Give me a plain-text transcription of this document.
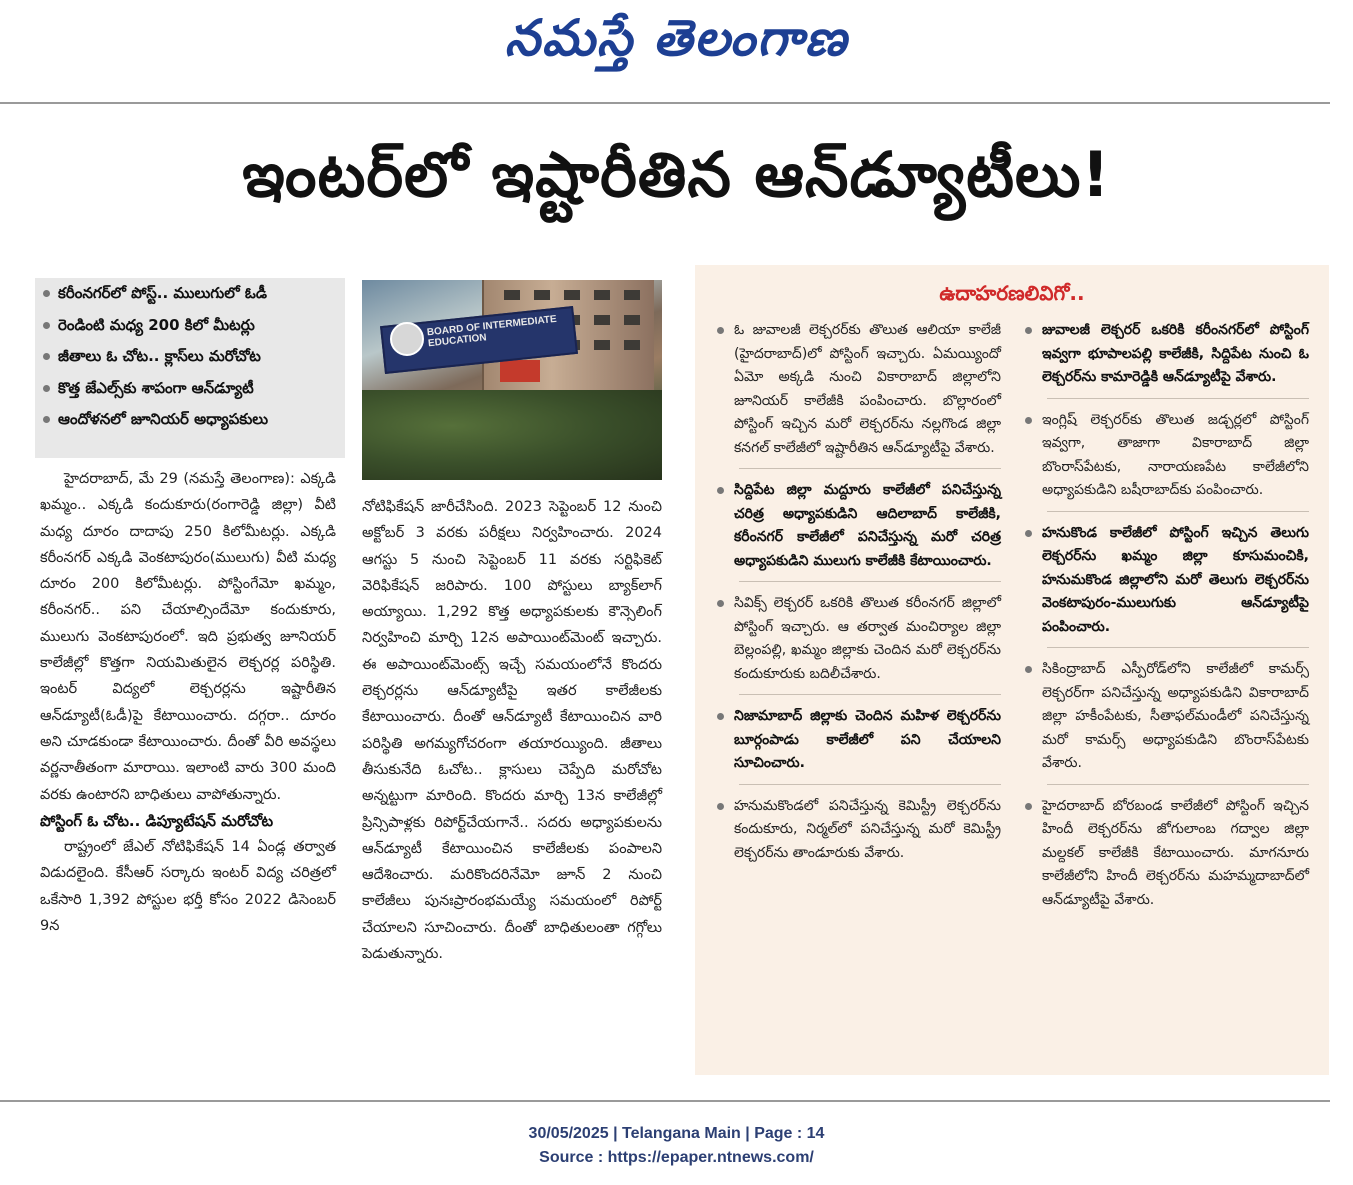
నమస్తే తెలంగాణ
ఇంటర్‌లో ఇష్టారీతిన ఆన్‌డ్యూటీలు!
కరీంనగర్‌లో పోస్ట్.. ములుగులో ఓడీ
రెండింటి మధ్య 200 కిలో మీటర్లు
జీతాలు ఓ చోట.. క్లాస్‌లు మరోచోట
కొత్త జేఎల్స్‌కు శాపంగా ఆన్‌డ్యూటీ
ఆందోళనలో జూనియర్ అధ్యాపకులు
BOARD OF INTERMEDIATE EDUCATION

హైదరాబాద్, మే 29 (నమస్తే తెలంగాణ): ఎక్కడి ఖమ్మం.. ఎక్కడి కందుకూరు(రంగారెడ్డి జిల్లా) వీటి మధ్య దూరం దాదాపు 250 కిలోమీటర్లు. ఎక్కడి కరీంనగర్ ఎక్కడి వెంకటాపురం(ములుగు) వీటి మధ్య దూరం 200 కిలోమీటర్లు. పోస్టింగేమో ఖమ్మం, కరీంనగర్.. పని చేయాల్సిందేమో కందుకూరు, ములుగు వెంకటాపురంలో. ఇది ప్రభుత్వ జూనియర్ కాలేజీల్లో కొత్తగా నియమితులైన లెక్చరర్ల పరిస్థితి. ఇంటర్ విద్యలో లెక్చరర్లను ఇష్టారీతిన ఆన్‌డ్యూటీ(ఓడీ)పై కేటాయించారు. దగ్గరా.. దూరం అని చూడకుండా కేటాయించారు. దీంతో వీరి అవస్థలు వర్ణనాతీతంగా మారాయి. ఇలాంటి వారు 300 మంది వరకు ఉంటారని బాధితులు వాపోతున్నారు.

పోస్టింగ్ ఓ చోట.. డిప్యూటేషన్ మరోచోట

రాష్ట్రంలో జేఎల్ నోటిఫికేషన్ 14 ఏండ్ల తర్వాత విడుదలైంది. కేసీఆర్ సర్కారు ఇంటర్ విద్య చరిత్రలో ఒకేసారి 1,392 పోస్టుల భర్తీ కోసం 2022 డిసెంబర్ 9న

నోటిఫికేషన్ జారీచేసింది. 2023 సెప్టెంబర్ 12 నుంచి అక్టోబర్ 3 వరకు పరీక్షలు నిర్వహించారు. 2024 ఆగస్టు 5 నుంచి సెప్టెంబర్ 11 వరకు సర్టిఫికెట్ వెరిఫికేషన్ జరిపారు. 100 పోస్టులు బ్యాక్‌లాగ్ అయ్యాయి. 1,292 కొత్త అధ్యాపకులకు కౌన్సెలింగ్ నిర్వహించి మార్చి 12న అపాయింట్‌మెంట్ ఇచ్చారు. ఈ అపాయింట్‌మెంట్స్ ఇచ్చే సమయంలోనే కొందరు లెక్చరర్లను ఆన్‌డ్యూటీపై ఇతర కాలేజీలకు కేటాయించారు. దీంతో ఆన్‌డ్యూటీ కేటాయించిన వారి పరిస్థితి అగమ్యగోచరంగా తయారయ్యింది. జీతాలు తీసుకునేది ఓచోట.. క్లాసులు చెప్పేది మరోచోట అన్నట్టుగా మారింది. కొందరు మార్చి 13న కాలేజీల్లో ప్రిన్సిపాళ్లకు రిపోర్ట్‌చేయగానే.. సదరు అధ్యాపకులను ఆన్‌డ్యూటీ కేటాయించిన కాలేజీలకు పంపాలని ఆదేశించారు. మరికొందరినేమో జూన్ 2 నుంచి కాలేజీలు పునఃప్రారంభమయ్యే సమయంలో రిపోర్ట్ చేయాలని సూచించారు. దీంతో బాధితులంతా గగ్గోలు పెడుతున్నారు.

ఉదాహరణలివిగో..
ఓ జువాలజీ లెక్చరర్‌కు తొలుత ఆలియా కాలేజీ (హైదరాబాద్)లో పోస్టింగ్ ఇచ్చారు. ఏమయ్యిందో ఏమో అక్కడి నుంచి వికారాబాద్ జిల్లాలోని జూనియర్ కాలేజీకి పంపించారు. బొల్లారంలో పోస్టింగ్ ఇచ్చిన మరో లెక్చరర్‌ను నల్లగొండ జిల్లా కనగల్ కాలేజీలో ఇష్టారీతిన ఆన్‌డ్యూటీపై వేశారు.
సిద్దిపేట జిల్లా మద్దూరు కాలేజీలో పనిచేస్తున్న చరిత్ర అధ్యాపకుడిని ఆదిలాబాద్ కాలేజీకి, కరీంనగర్ కాలేజీలో పనిచేస్తున్న మరో చరిత్ర అధ్యాపకుడిని ములుగు కాలేజీకి కేటాయించారు.
సివిక్స్ లెక్చరర్ ఒకరికి తొలుత కరీంనగర్ జిల్లాలో పోస్టింగ్ ఇచ్చారు. ఆ తర్వాత మంచిర్యాల జిల్లా బెల్లంపల్లి, ఖమ్మం జిల్లాకు చెందిన మరో లెక్చరర్‌ను కందుకూరుకు బదిలీచేశారు.
నిజామాబాద్ జిల్లాకు చెందిన మహిళ లెక్చరర్‌ను బూర్గంపాడు కాలేజీలో పని చేయాలని సూచించారు.
హనుమకొండలో పనిచేస్తున్న కెమిస్ట్రీ లెక్చరర్‌ను కందుకూరు, నిర్మల్‌లో పనిచేస్తున్న మరో కెమిస్ట్రీ లెక్చరర్‌ను తాండూరుకు వేశారు.
జువాలజీ లెక్చరర్ ఒకరికి కరీంనగర్‌లో పోస్టింగ్ ఇవ్వగా భూపాలపల్లి కాలేజీకి, సిద్దిపేట నుంచి ఓ లెక్చరర్‌ను కామారెడ్డికి ఆన్‌డ్యూటీపై వేశారు.
ఇంగ్లిష్ లెక్చరర్‌కు తొలుత జడ్చర్లలో పోస్టింగ్ ఇవ్వగా, తాజాగా వికారాబాద్ జిల్లా బొంరాస్‌పేటకు, నారాయణపేట కాలేజీలోని అధ్యాపకుడిని బషీరాబాద్‌కు పంపించారు.
హనుకొండ కాలేజీలో పోస్టింగ్ ఇచ్చిన తెలుగు లెక్చరర్‌ను ఖమ్మం జిల్లా కూసుమంచికి, హనుమకొండ జిల్లాలోని మరో తెలుగు లెక్చరర్‌ను వెంకటాపురం-ములుగుకు ఆన్‌డ్యూటీపై పంపించారు.
సికింద్రాబాద్ ఎస్పీరోడ్‌లోని కాలేజీలో కామర్స్ లెక్చరర్‌గా పనిచేస్తున్న అధ్యాపకుడిని వికారాబాద్ జిల్లా హకీంపేటకు, సీతాఫల్‌మండీలో పనిచేస్తున్న మరో కామర్స్ అధ్యాపకుడిని బొంరాస్‌పేటకు వేశారు.
హైదరాబాద్ బోరబండ కాలేజీలో పోస్టింగ్ ఇచ్చిన హిందీ లెక్చరర్‌ను జోగులాంబ గద్వాల జిల్లా మల్దకల్ కాలేజీకి కేటాయించారు. మాగనూరు కాలేజీలోని హిందీ లెక్చరర్‌ను మహమ్మదాబాద్‌లో ఆన్‌డ్యూటీపై వేశారు.
30/05/2025 | Telangana Main | Page : 14
Source : https://epaper.ntnews.com/
